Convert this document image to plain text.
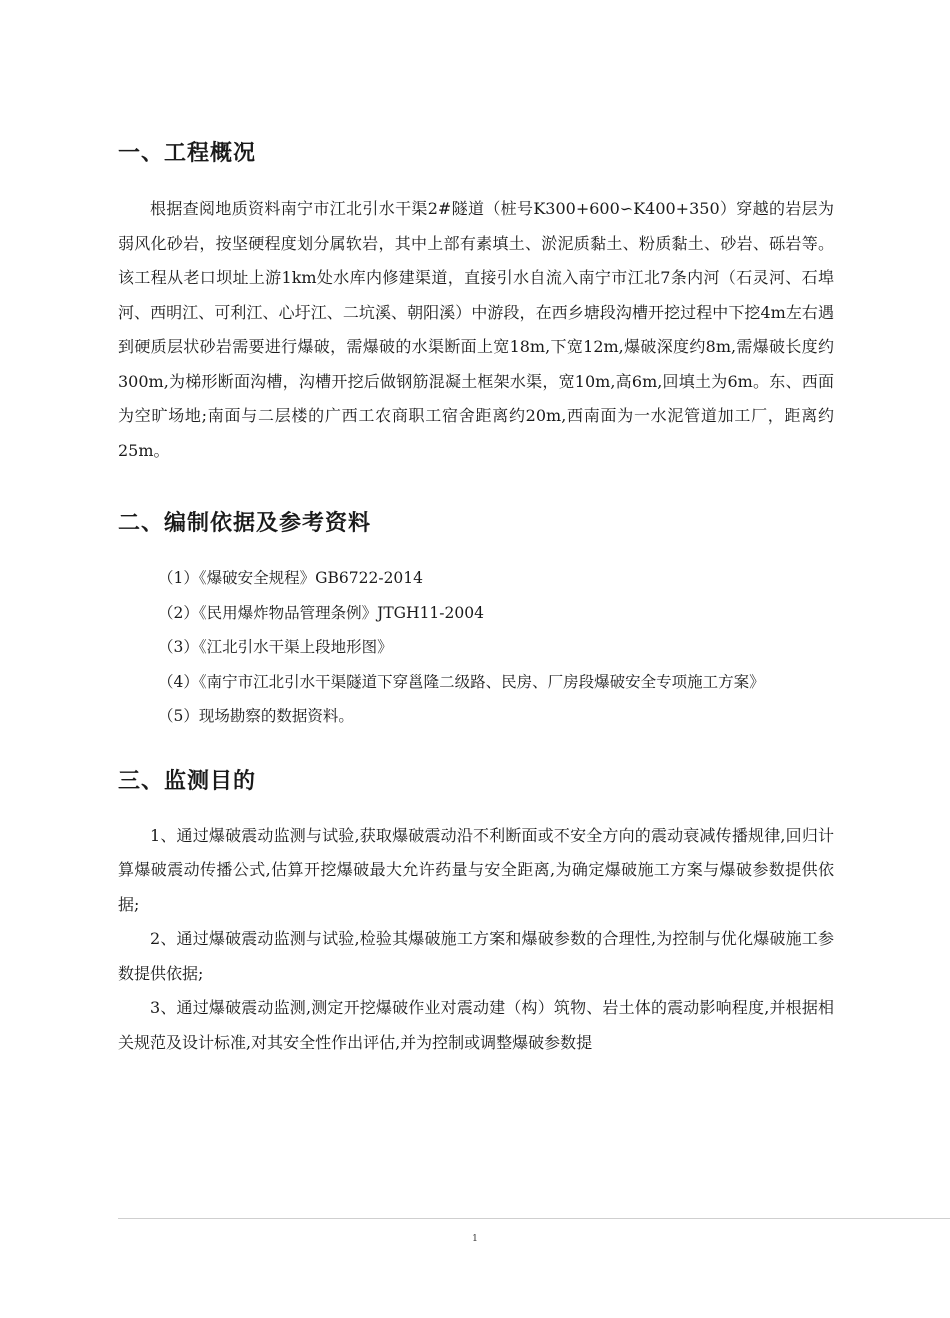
一、工程概况

根据查阅地质资料南宁市江北引水干渠2#隧道（桩号K300+600∽K400+350）穿越的岩层为弱风化砂岩，按坚硬程度划分属软岩，其中上部有素填土、淤泥质黏土、粉质黏土、砂岩、砾岩等。该工程从老口坝址上游1km处水库内修建渠道，直接引水自流入南宁市江北7条内河（石灵河、石埠河、西明江、可利江、心圩江、二坑溪、朝阳溪）中游段，在西乡塘段沟槽开挖过程中下挖4m左右遇到硬质层状砂岩需要进行爆破，需爆破的水渠断面上宽18m,下宽12m,爆破深度约8m,需爆破长度约300m,为梯形断面沟槽，沟槽开挖后做钢筋混凝土框架水渠，宽10m,高6m,回填土为6m。东、西面为空旷场地;南面与二层楼的广西工农商职工宿舍距离约20m,西南面为一水泥管道加工厂，距离约25m。

二、编制依据及参考资料
（1）《爆破安全规程》GB6722-2014
（2）《民用爆炸物品管理条例》JTGH11-2004
（3）《江北引水干渠上段地形图》
（4）《南宁市江北引水干渠隧道下穿邕隆二级路、民房、厂房段爆破安全专项施工方案》
（5）现场勘察的数据资料。
三、监测目的
1、通过爆破震动监测与试验,获取爆破震动沿不利断面或不安全方向的震动衰减传播规律,回归计算爆破震动传播公式,估算开挖爆破最大允许药量与安全距离,为确定爆破施工方案与爆破参数提供依据;
2、通过爆破震动监测与试验,检验其爆破施工方案和爆破参数的合理性,为控制与优化爆破施工参数提供依据;
3、通过爆破震动监测,测定开挖爆破作业对震动建（构）筑物、岩土体的震动影响程度,并根据相关规范及设计标准,对其安全性作出评估,并为控制或调整爆破参数提
1
